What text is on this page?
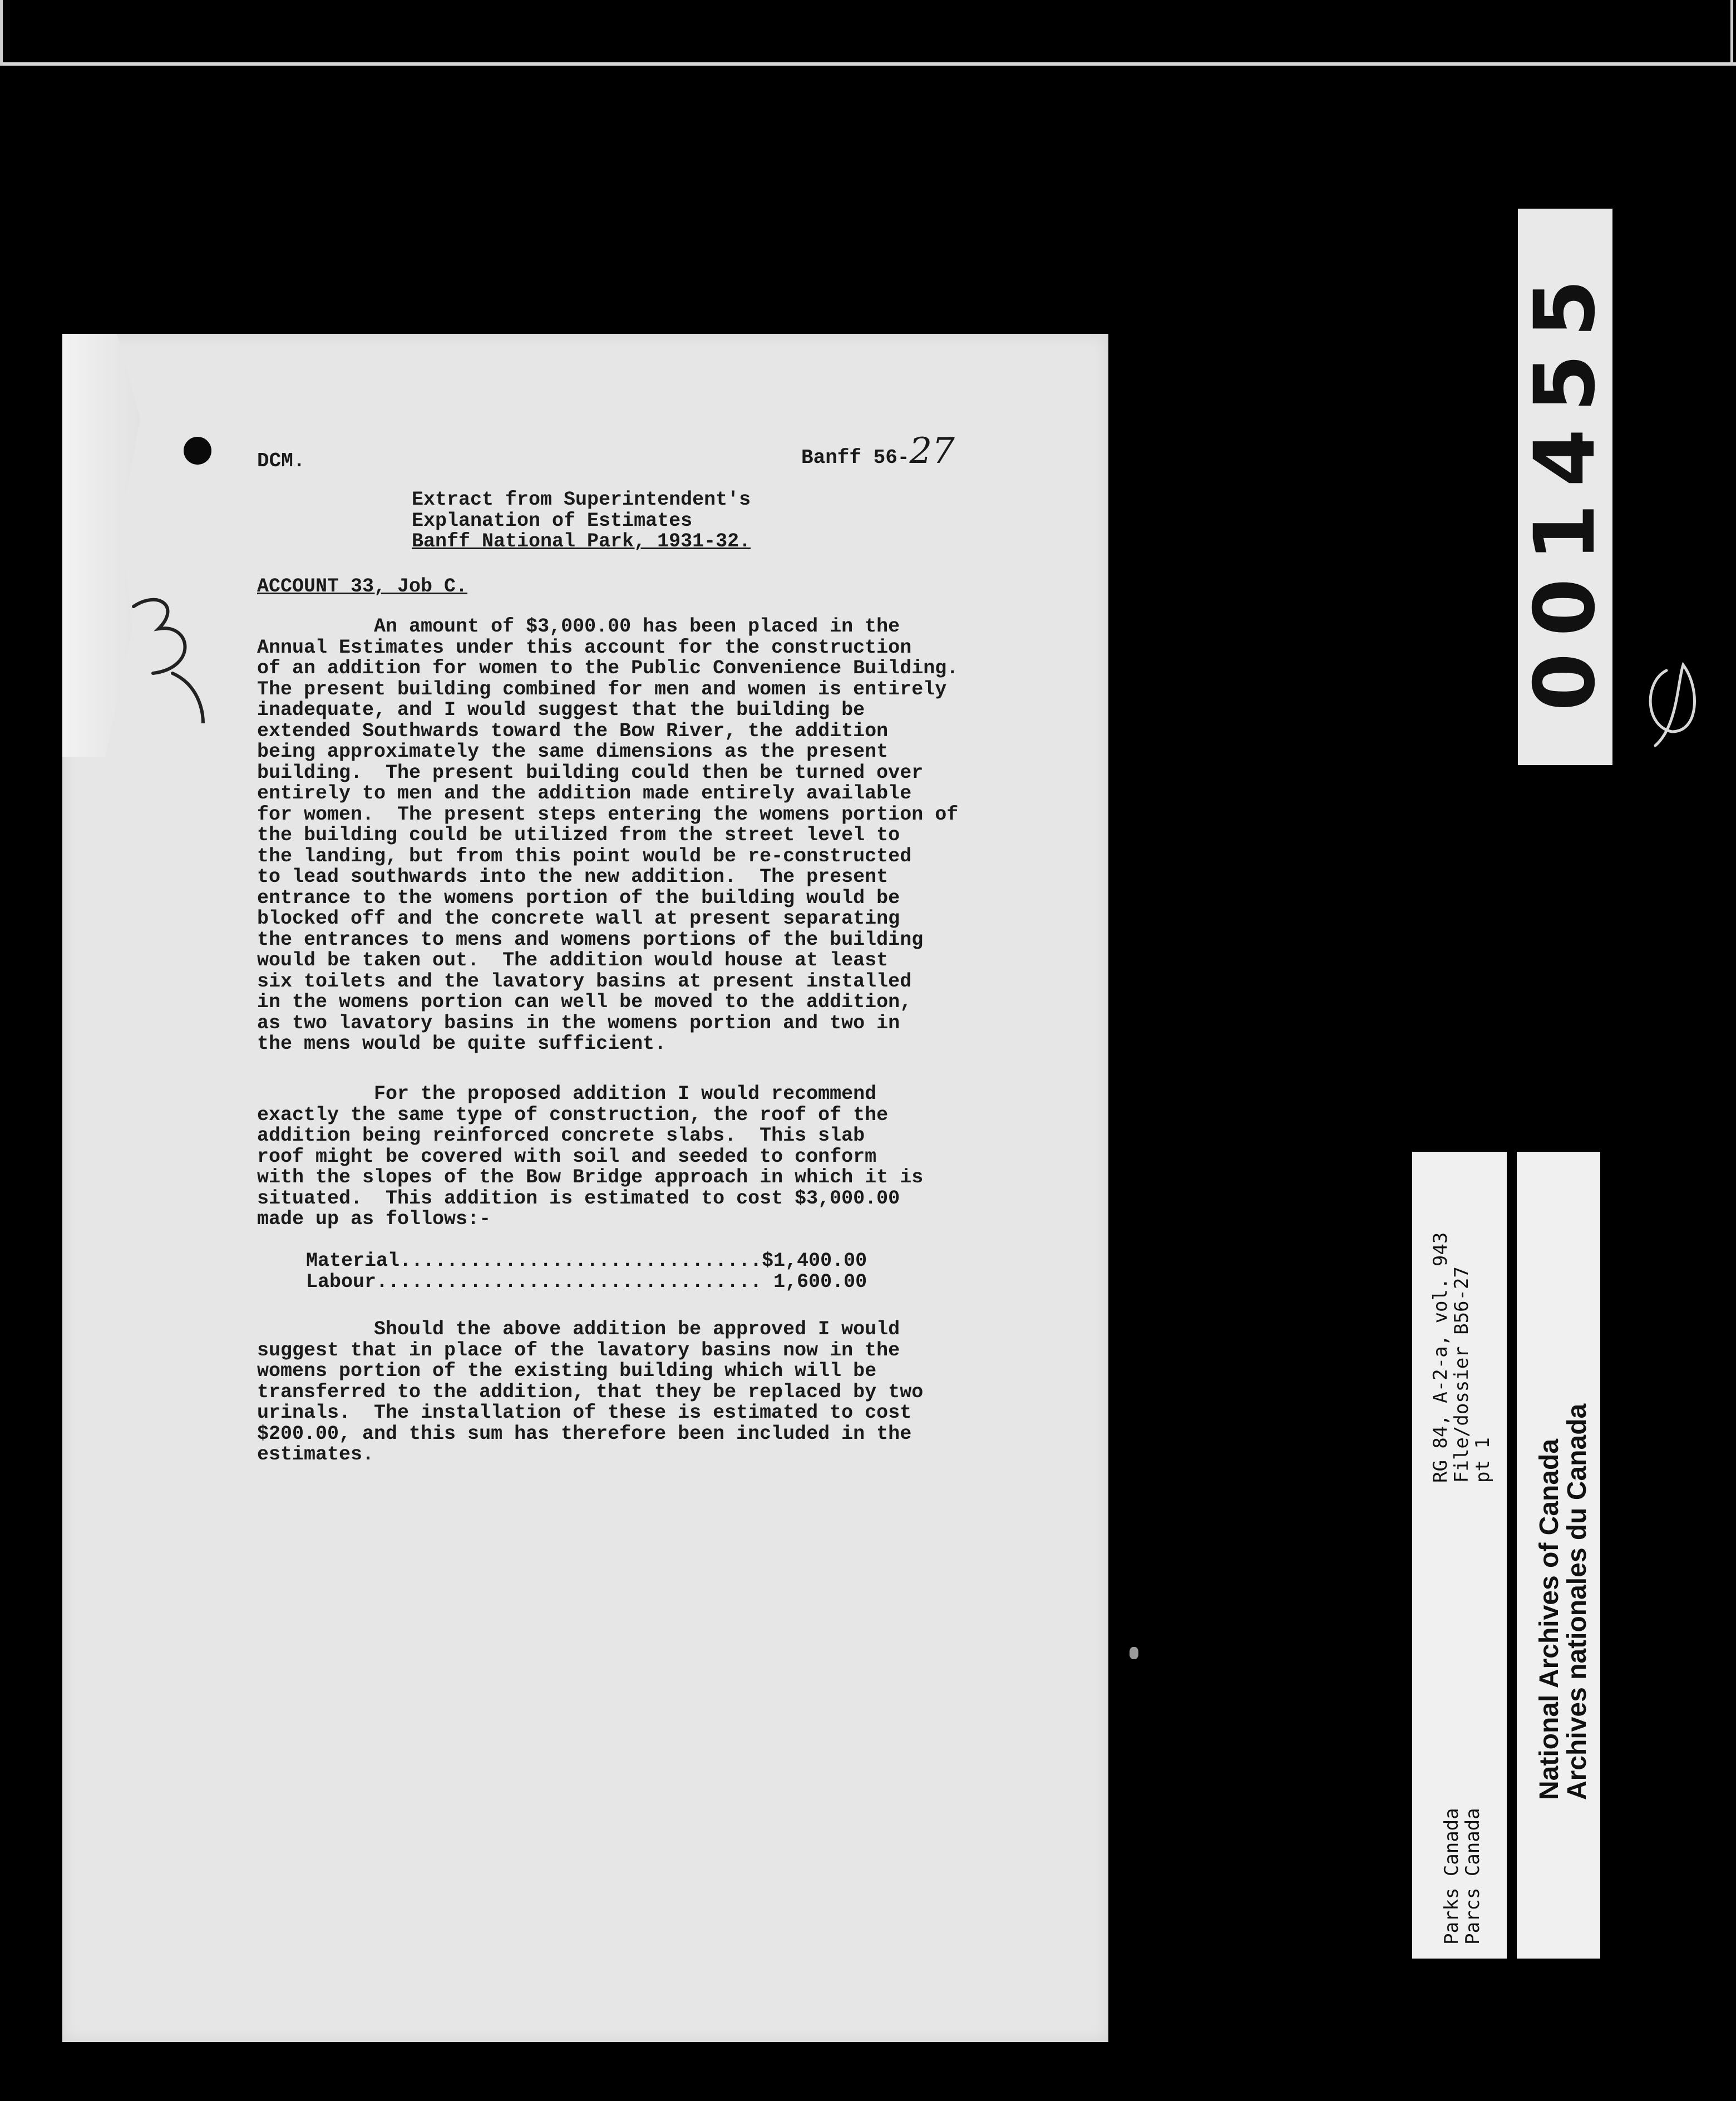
DCM.	Banff 56-27
Extract from Superintendent's
Explanation of Estimates
Banff National Park, 1931-32.
ACCOUNT 33, Job C.
An amount of $3,000.00 has been placed in the
Annual Estimates under this account for the construction
of an addition for women to the Public Convenience Building.
The present building combined for men and women is entirely
inadequate, and I would suggest that the building be
extended Southwards toward the Bow River, the addition
being approximately the same dimensions as the present
building.  The present building could then be turned over
entirely to men and the addition made entirely available
for women.  The present steps entering the womens portion of
the building could be utilized from the street level to
the landing, but from this point would be re-constructed
to lead southwards into the new addition.  The present
entrance to the womens portion of the building would be
blocked off and the concrete wall at present separating
the entrances to mens and womens portions of the building
would be taken out.  The addition would house at least
six toilets and the lavatory basins at present installed
in the womens portion can well be moved to the addition,
as two lavatory basins in the womens portion and two in
the mens would be quite sufficient.
For the proposed addition I would recommend
exactly the same type of construction, the roof of the
addition being reinforced concrete slabs.  This slab
roof might be covered with soil and seeded to conform
with the slopes of the Bow Bridge approach in which it is
situated.  This addition is estimated to cost $3,000.00
made up as follows:-
Material...............................$1,400.00
Labour................................. 1,600.00
Should the above addition be approved I would
suggest that in place of the lavatory basins now in the
womens portion of the existing building which will be
transferred to the addition, that they be replaced by two
urinals.  The installation of these is estimated to cost
$200.00, and this sum has therefore been included in the
estimates.
001455
RG 84, A-2-a, vol. 943
File/dossier B56-27
pt 1
Parks Canada
Parcs Canada
National Archives of Canada
Archives nationales du Canada
